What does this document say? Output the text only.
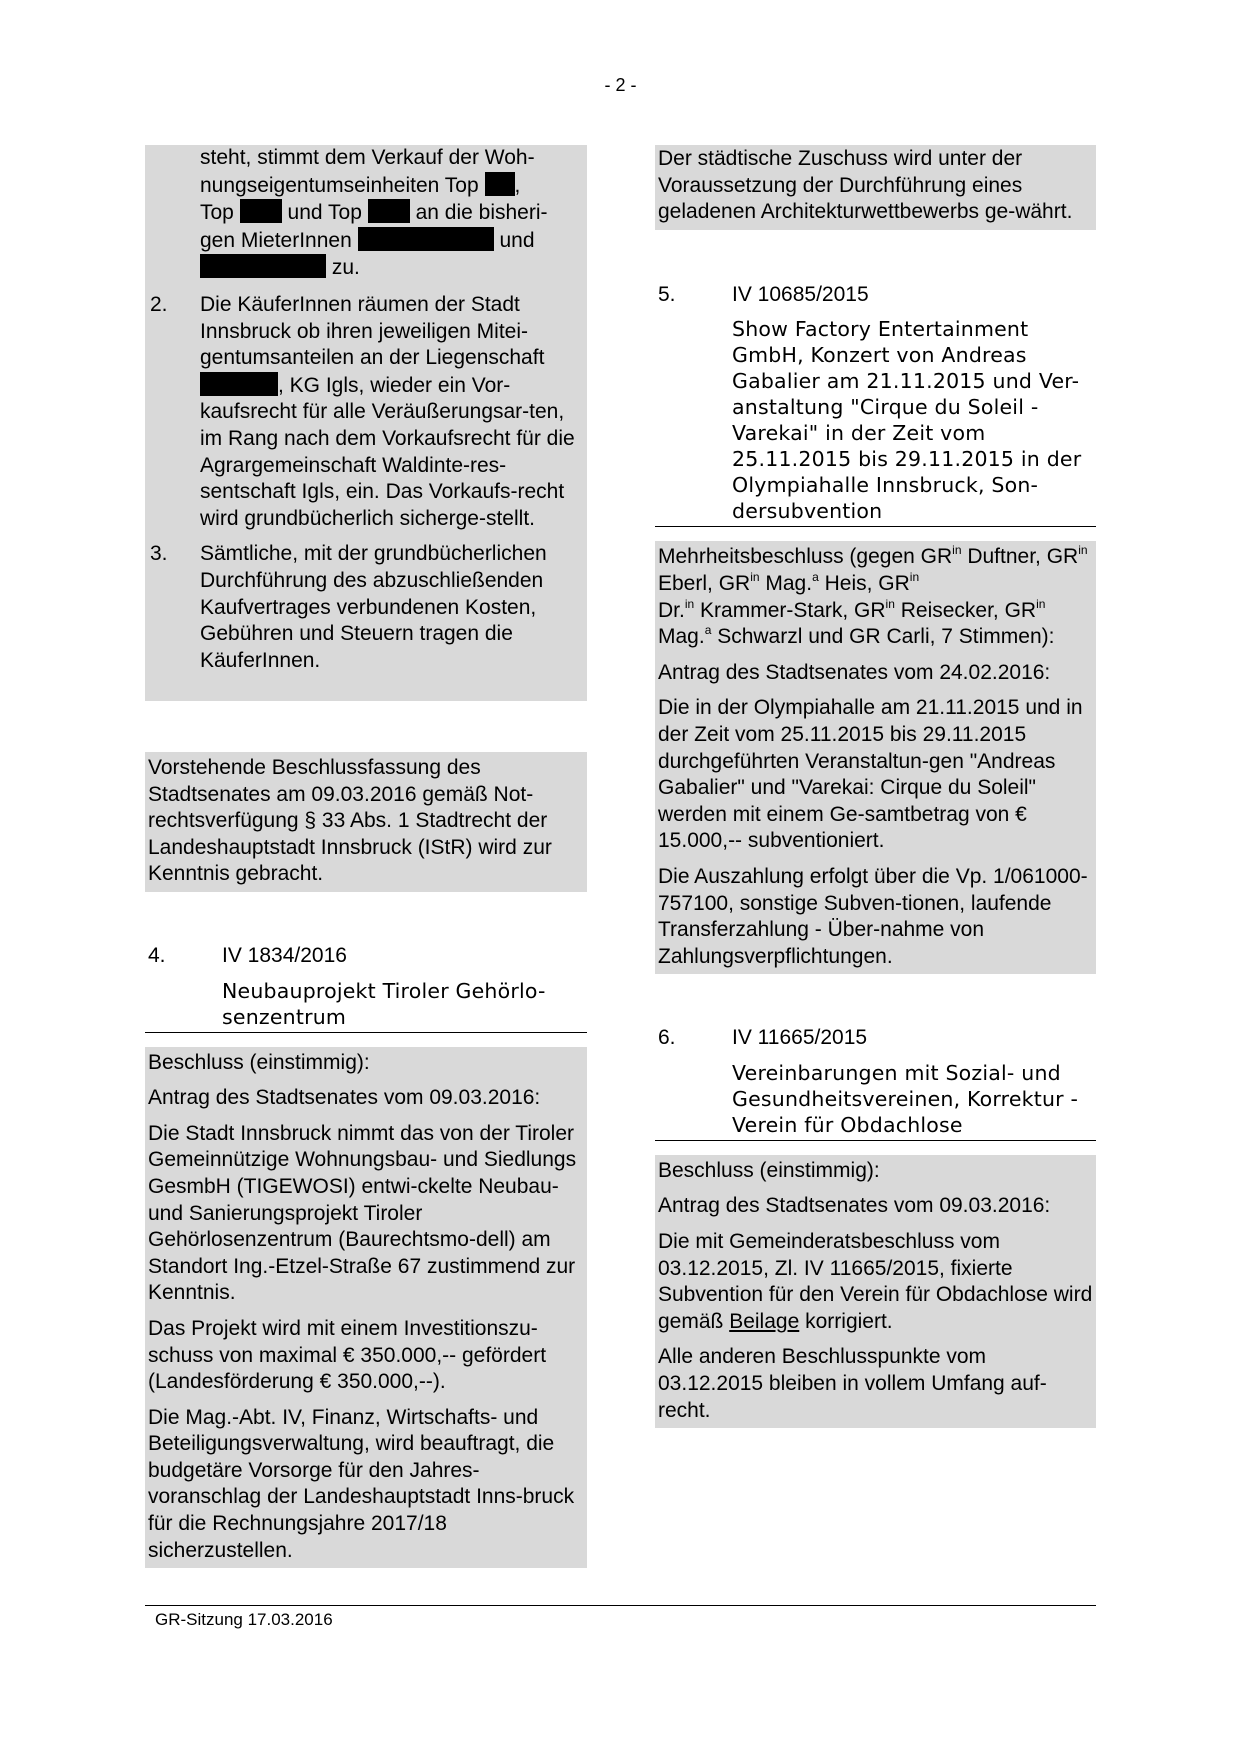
- 2 -
steht, stimmt dem Verkauf der Woh-
nungseigentumseinheiten Top ,
Top	und Top	an die bisheri-
gen MieterInnen	und
zu.
2.	Die KäuferInnen räumen der Stadt Innsbruck ob ihren jeweiligen Mitei-gentumsanteilen an der Liegenschaft
, KG Igls, wieder ein Vor-kaufsrecht für alle Veräußerungsar-ten, im Rang nach dem Vorkaufsrecht für die Agrargemeinschaft Waldinte-res-sentschaft Igls, ein. Das Vorkaufs-recht wird grundbücherlich sicherge-stellt.
3.	Sämtliche, mit der grundbücherlichen Durchführung des abzuschließenden Kaufvertrages verbundenen Kosten, Gebühren und Steuern tragen die KäuferInnen.

Vorstehende Beschlussfassung des Stadtsenates am 09.03.2016 gemäß Not-rechtsverfügung § 33 Abs. 1 Stadtrecht der Landeshauptstadt Innsbruck (IStR) wird zur Kenntnis gebracht.

4.	IV 1834/2016
Neubauprojekt Tiroler Gehörlo-senzentrum

Beschluss (einstimmig):

Antrag des Stadtsenates vom 09.03.2016:

Die Stadt Innsbruck nimmt das von der Tiroler Gemeinnützige Wohnungsbau- und Siedlungs GesmbH (TIGEWOSI) entwi-ckelte Neubau- und Sanierungsprojekt Tiroler Gehörlosenzentrum (Baurechtsmo-dell) am Standort Ing.-Etzel-Straße 67 zustimmend zur Kenntnis.

Das Projekt wird mit einem Investitionszu-schuss von maximal € 350.000,-- gefördert (Landesförderung € 350.000,--).

Die Mag.-Abt. IV, Finanz, Wirtschafts- und Beteiligungsverwaltung, wird beauftragt, die budgetäre Vorsorge für den Jahres-voranschlag der Landeshauptstadt Inns-bruck für die Rechnungsjahre 2017/18 sicherzustellen.

Der städtische Zuschuss wird unter der Voraussetzung der Durchführung eines geladenen Architekturwettbewerbs ge-währt.

5.	IV 10685/2015
Show Factory Entertainment GmbH, Konzert von Andreas Gabalier am 21.11.2015 und Ver-anstaltung "Cirque du Soleil - Varekai" in der Zeit vom 25.11.2015 bis 29.11.2015 in der Olympiahalle Innsbruck, Son-dersubvention

Mehrheitsbeschluss (gegen $GR^{in}$ Duftner, $GR^{in}$ Eberl, $GR^{in}$ Mag.$^a$ Heis, $GR^{in}$
Dr.$^{in}$ Krammer-Stark, $GR^{in}$ Reisecker, $GR^{in}$ Mag.$^a$ Schwarzl und GR Carli, 7 Stimmen):

Antrag des Stadtsenates vom 24.02.2016:

Die in der Olympiahalle am 21.11.2015 und in der Zeit vom 25.11.2015 bis 29.11.2015 durchgeführten Veranstaltun-gen "Andreas Gabalier" und "Varekai: Cirque du Soleil" werden mit einem Ge-samtbetrag von € 15.000,-- subventioniert.

Die Auszahlung erfolgt über die Vp. 1/061000-757100, sonstige Subven-tionen, laufende Transferzahlung - Über-nahme von Zahlungsverpflichtungen.

6.	IV 11665/2015
Vereinbarungen mit Sozial- und Gesundheitsvereinen, Korrektur - Verein für Obdachlose

Beschluss (einstimmig):

Antrag des Stadtsenates vom 09.03.2016:

Die mit Gemeinderatsbeschluss vom 03.12.2015, Zl. IV 11665/2015, fixierte Subvention für den Verein für Obdachlose wird gemäß Beilage korrigiert.

Alle anderen Beschlusspunkte vom 03.12.2015 bleiben in vollem Umfang auf-recht.

GR-Sitzung 17.03.2016
